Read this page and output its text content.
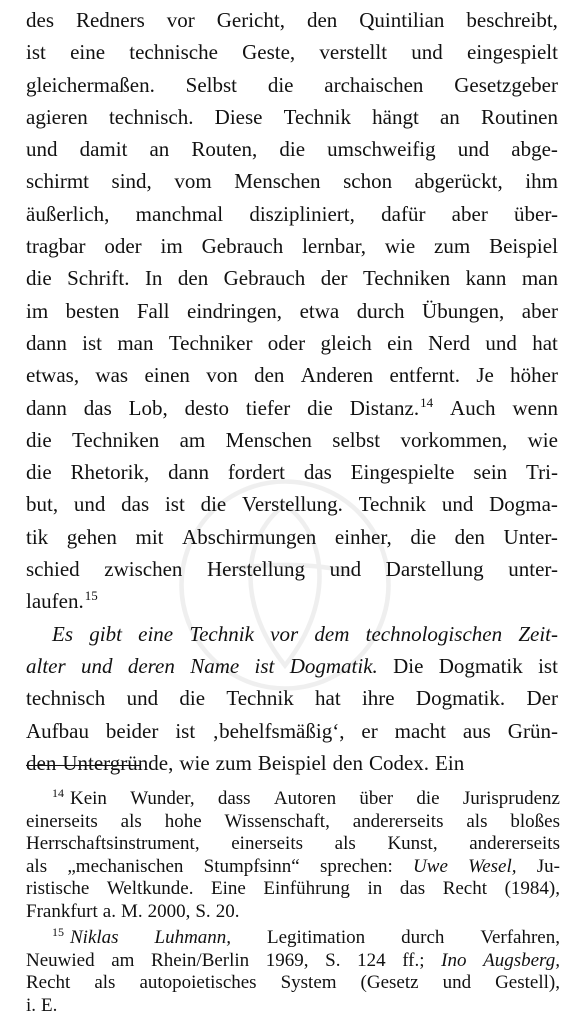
des Redners vor Gericht, den Quintilian beschreibt,
ist eine technische Geste, verstellt und eingespielt
gleichermaßen. Selbst die archaischen Gesetzgeber
agieren technisch. Diese Technik hängt an Routinen
und damit an Routen, die umschweifig und abge-
schirmt sind, vom Menschen schon abgerückt, ihm
äußerlich, manchmal diszipliniert, dafür aber über-
tragbar oder im Gebrauch lernbar, wie zum Beispiel
die Schrift. In den Gebrauch der Techniken kann man
im besten Fall eindringen, etwa durch Übungen, aber
dann ist man Techniker oder gleich ein Nerd und hat
etwas, was einen von den Anderen entfernt. Je höher
dann das Lob, desto tiefer die Distanz.$^{14}$ Auch wenn
die Techniken am Menschen selbst vorkommen, wie
die Rhetorik, dann fordert das Eingespielte sein Tri-
but, und das ist die Verstellung. Technik und Dogma-
tik gehen mit Abschirmungen einher, die den Unter-
schied zwischen Herstellung und Darstellung unter-
laufen.$^{15}$
Es gibt eine Technik vor dem technologischen Zeit-
alter und deren Name ist Dogmatik. Die Dogmatik ist
technisch und die Technik hat ihre Dogmatik. Der
Aufbau beider ist ‚behelfsmäßig‘, er macht aus Grün-
den Untergründe, wie zum Beispiel den Codex. Ein
$^{14}$ Kein Wunder, dass Autoren über die Jurisprudenz
einerseits als hohe Wissenschaft, andererseits als bloßes
Herrschaftsinstrument, einerseits als Kunst, andererseits
als „mechanischen Stumpfsinn“ sprechen: Uwe Wesel, Ju-
ristische Weltkunde. Eine Einführung in das Recht (1984),
Frankfurt a. M. 2000, S. 20.
$^{15}$ Niklas Luhmann, Legitimation durch Verfahren,
Neuwied am Rhein/Berlin 1969, S. 124 ff.; Ino Augsberg,
Recht als autopoietisches System (Gesetz und Gestell),
i. E.
